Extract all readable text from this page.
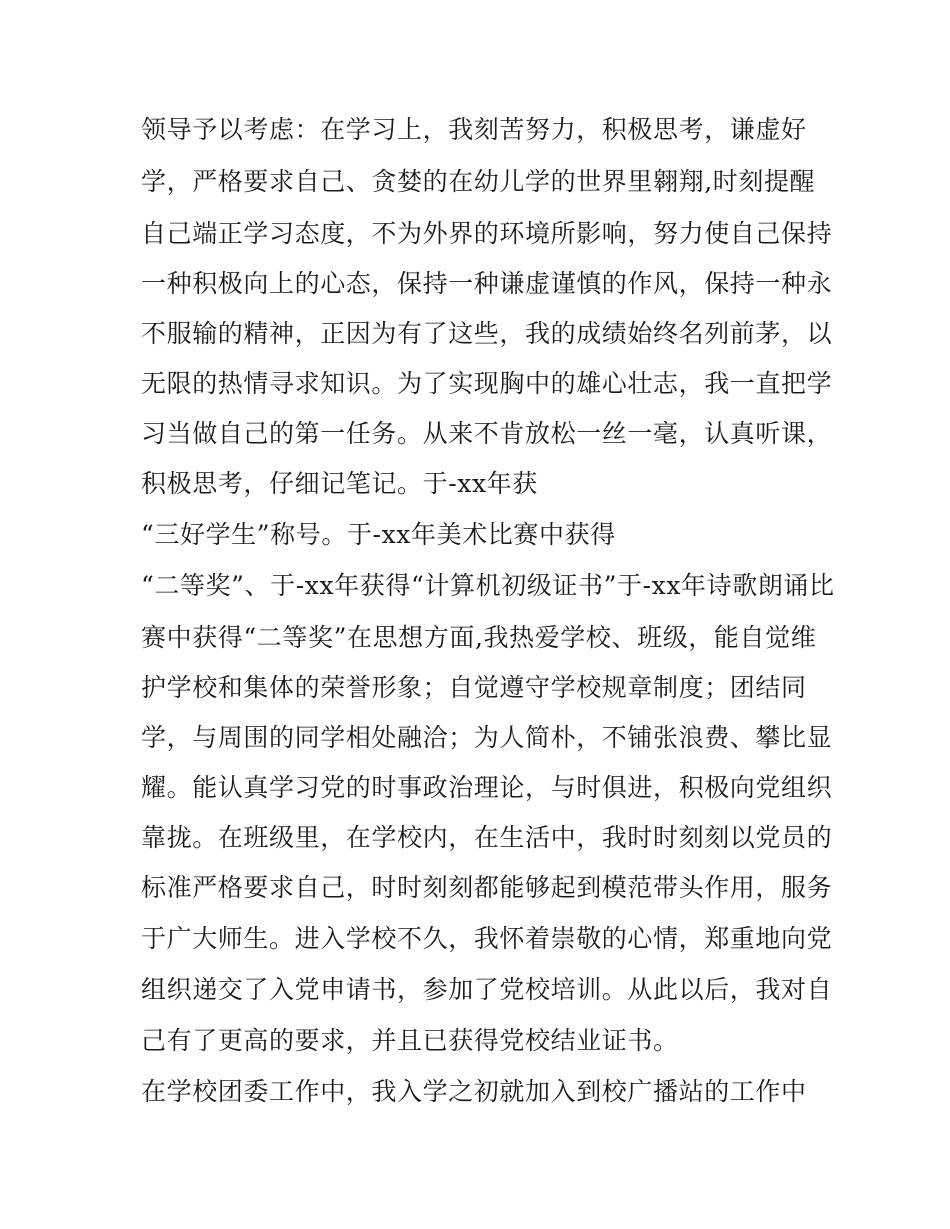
领导予以考虑：在学习上，我刻苦努力，积极思考，谦虚好
学，严格要求自己、贪婪的在幼儿学的世界里翱翔,时刻提醒
自己端正学习态度，不为外界的环境所影响，努力使自己保持
一种积极向上的心态，保持一种谦虚谨慎的作风，保持一种永
不服输的精神，正因为有了这些，我的成绩始终名列前茅，以
无限的热情寻求知识。为了实现胸中的雄心壮志，我一直把学
习当做自己的第一任务。从来不肯放松一丝一毫，认真听课，
积极思考，仔细记笔记。于-xx年获
“三好学生”称号。于-xx年美术比赛中获得
“二等奖”、于-xx年获得“计算机初级证书”于-xx年诗歌朗诵比
赛中获得“二等奖”在思想方面,我热爱学校、班级，能自觉维
护学校和集体的荣誉形象；自觉遵守学校规章制度；团结同
学，与周围的同学相处融洽；为人简朴，不铺张浪费、攀比显
耀。能认真学习党的时事政治理论，与时俱进，积极向党组织
靠拢。在班级里，在学校内，在生活中，我时时刻刻以党员的
标准严格要求自己，时时刻刻都能够起到模范带头作用，服务
于广大师生。进入学校不久，我怀着崇敬的心情，郑重地向党
组织递交了入党申请书，参加了党校培训。从此以后，我对自
己有了更高的要求，并且已获得党校结业证书。
在学校团委工作中，我入学之初就加入到校广播站的工作中
